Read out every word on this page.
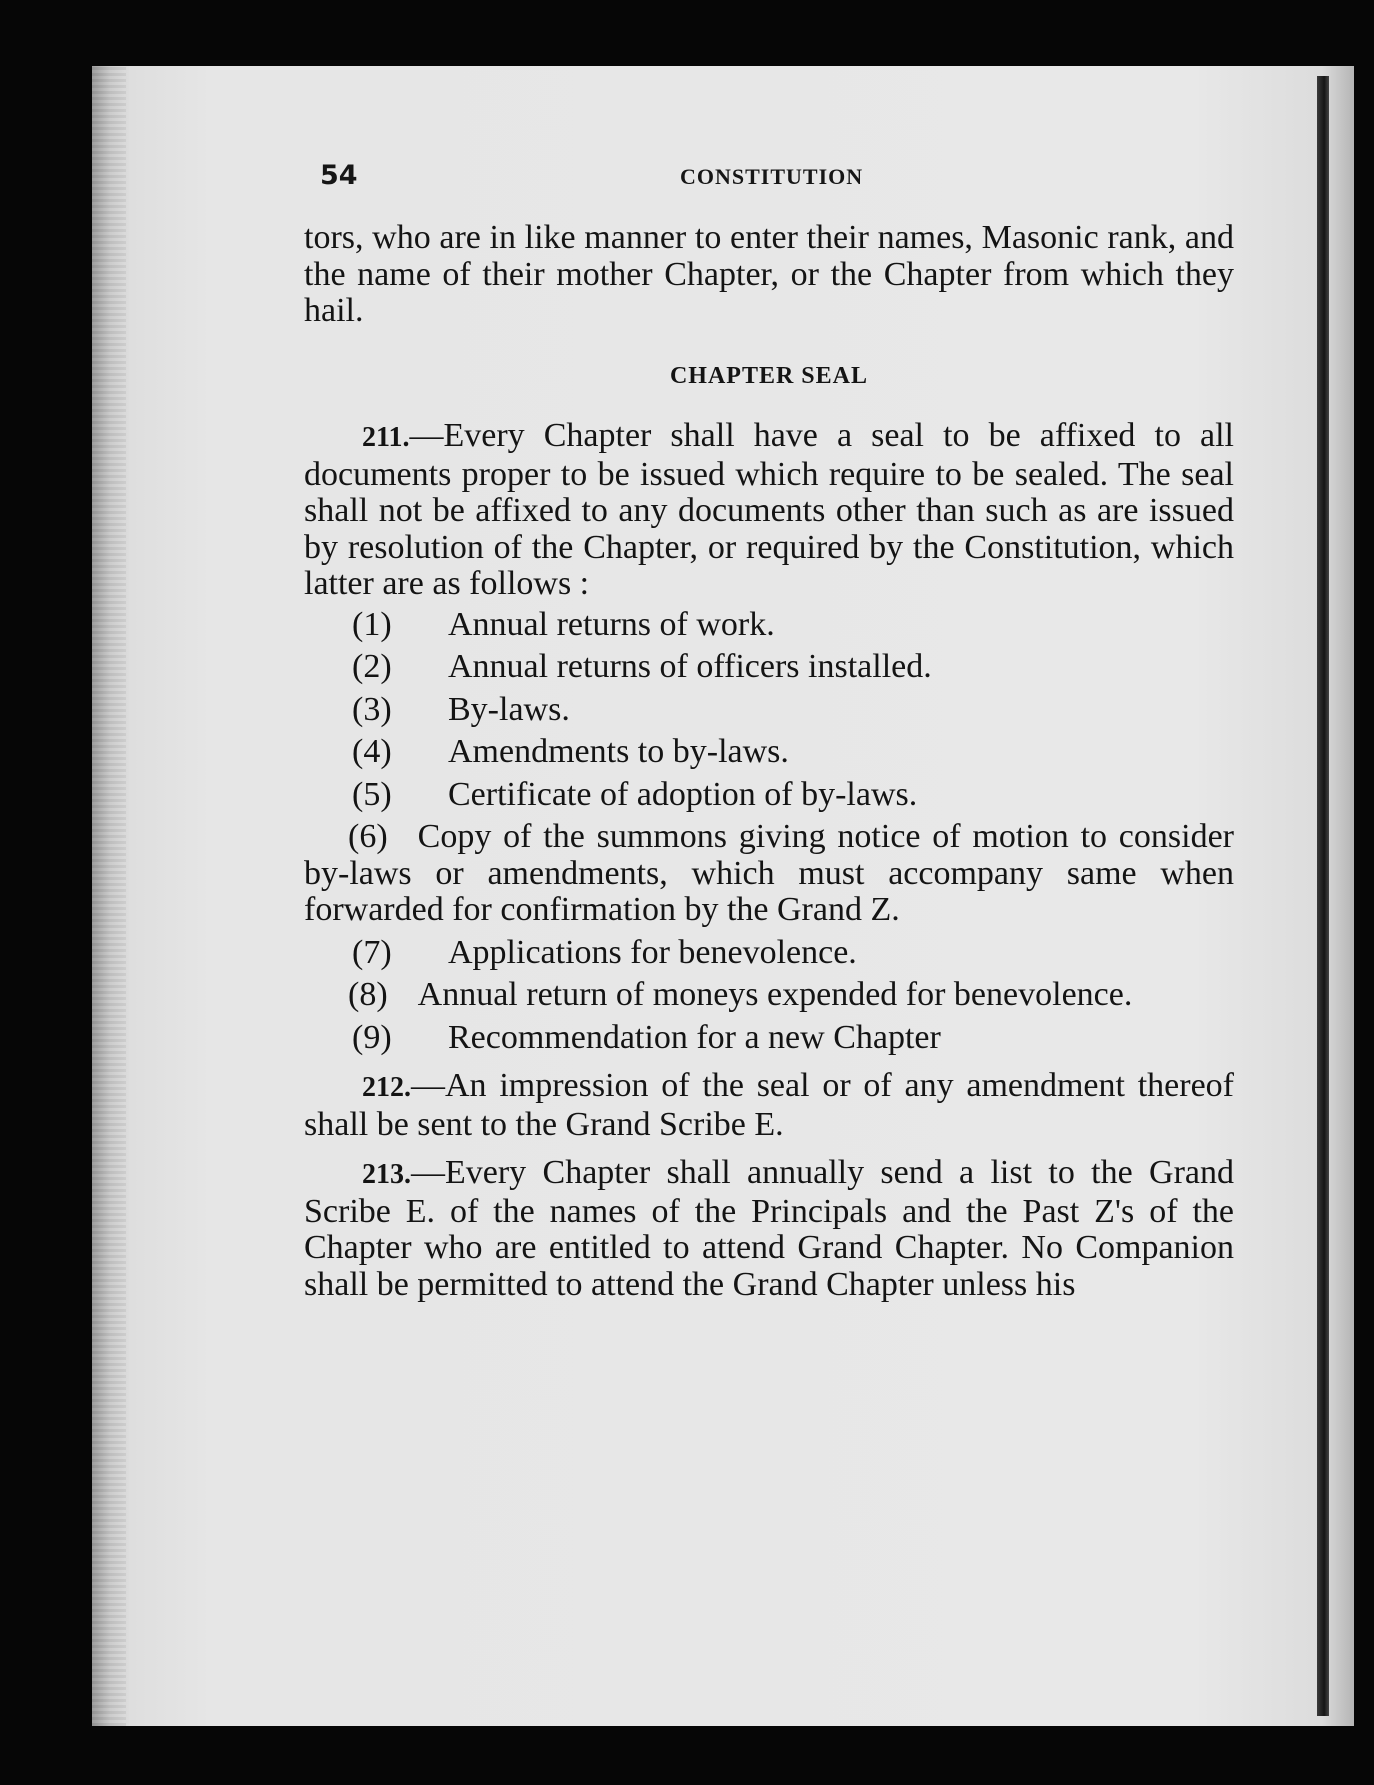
54	CONSTITUTION

tors, who are in like manner to enter their names, Masonic rank, and the name of their mother Chapter, or the Chapter from which they hail.

CHAPTER SEAL

211.—Every Chapter shall have a seal to be affixed to all documents proper to be issued which require to be sealed. The seal shall not be affixed to any documents other than such as are issued by resolution of the Chapter, or required by the Constitution, which latter are as follows :

(1)	Annual returns of work.

(2)	Annual returns of officers installed.

(3)	By-laws.

(4)	Amendments to by-laws.

(5)	Certificate of adoption of by-laws.

(6) Copy of the summons giving notice of motion to consider by-laws or amendments, which must accompany same when forwarded for confirmation by the Grand Z.

(7)	Applications for benevolence.

(8) Annual return of moneys expended for benevolence.

(9)	Recommendation for a new Chapter

212.—An impression of the seal or of any amendment thereof shall be sent to the Grand Scribe E.

213.—Every Chapter shall annually send a list to the Grand Scribe E. of the names of the Principals and the Past Z's of the Chapter who are entitled to attend Grand Chapter. No Companion shall be permitted to attend the Grand Chapter unless his
